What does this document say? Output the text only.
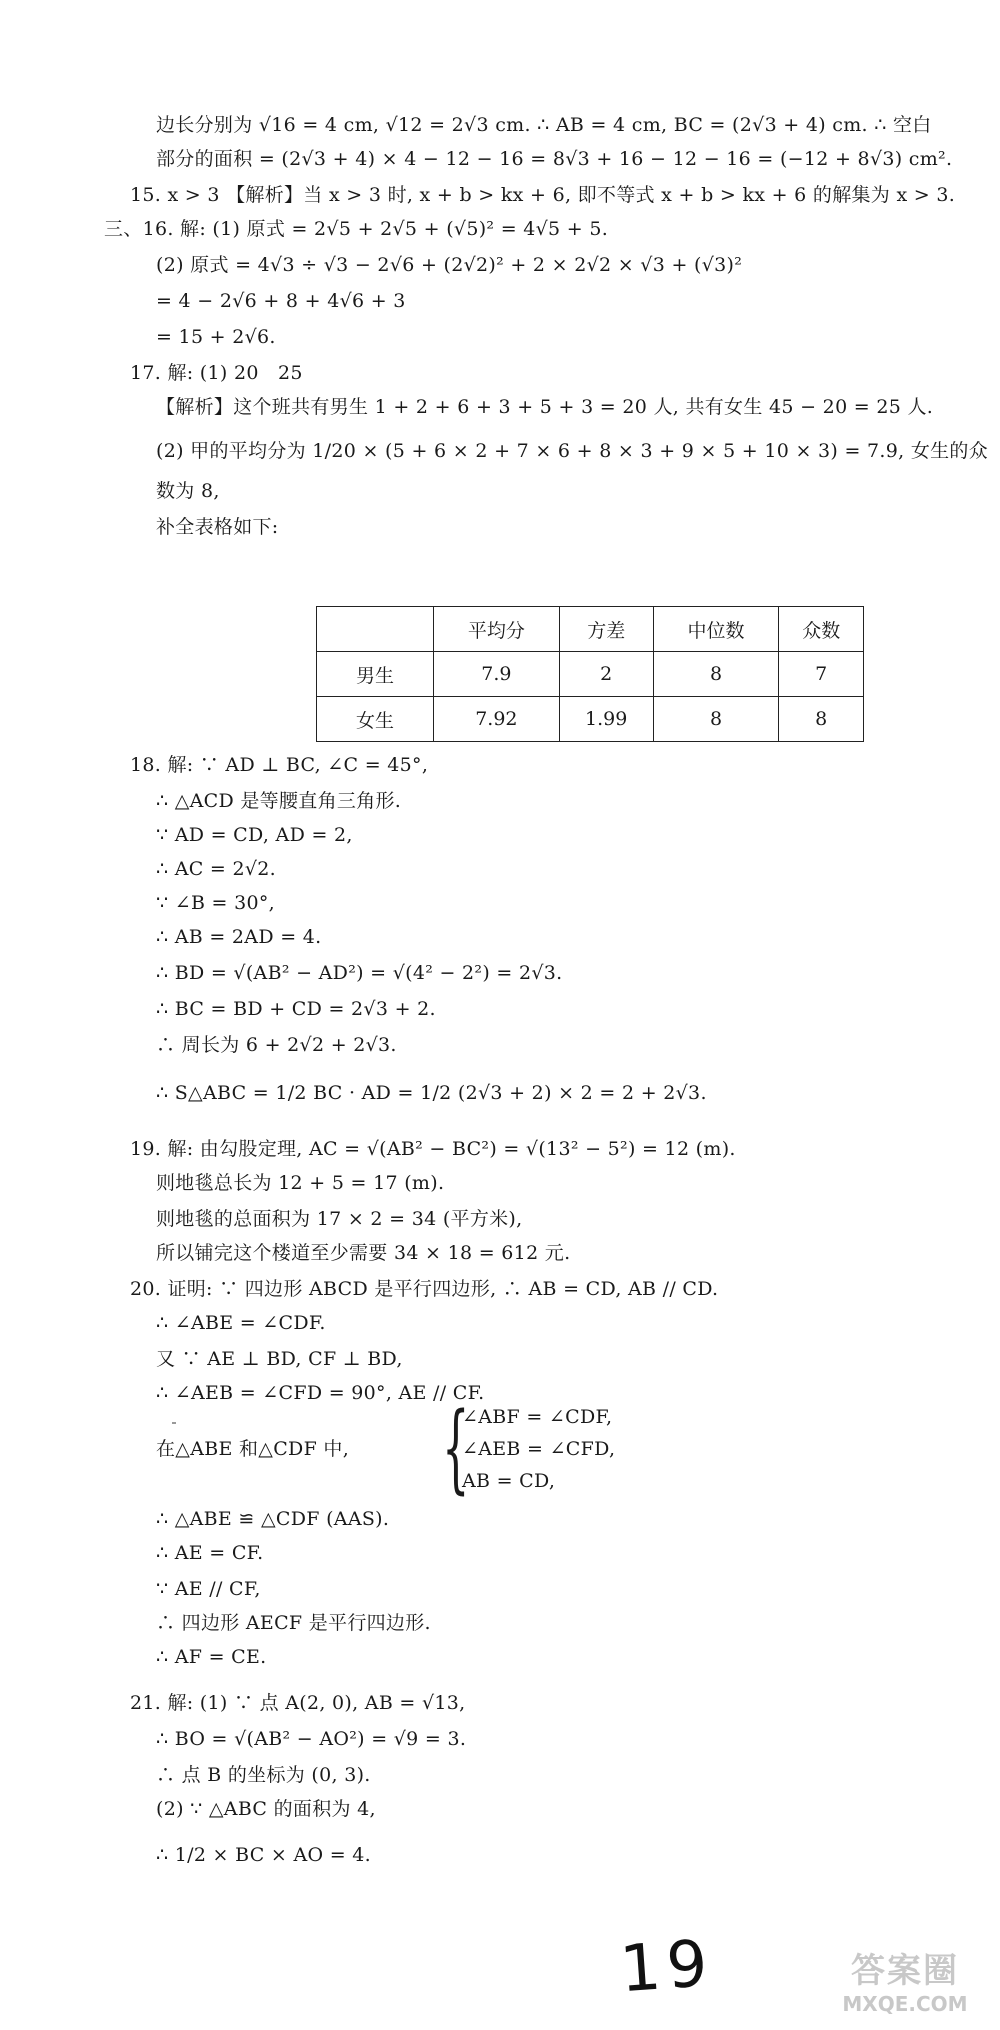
边长分别为 √16 = 4 cm, √12 = 2√3 cm. ∴ AB = 4 cm, BC = (2√3 + 4) cm. ∴ 空白
部分的面积 = (2√3 + 4) × 4 − 12 − 16 = 8√3 + 16 − 12 − 16 = (−12 + 8√3) cm².
15. x > 3 【解析】当 x > 3 时, x + b > kx + 6, 即不等式 x + b > kx + 6 的解集为 x > 3.
三、16. 解: (1) 原式 = 2√5 + 2√5 + (√5)² = 4√5 + 5.
(2) 原式 = 4√3 ÷ √3 − 2√6 + (2√2)² + 2 × 2√2 × √3 + (√3)²
= 4 − 2√6 + 8 + 4√6 + 3
= 15 + 2√6.
17. 解: (1) 20　25
【解析】这个班共有男生 1 + 2 + 6 + 3 + 5 + 3 = 20 人, 共有女生 45 − 20 = 25 人.
(2) 甲的平均分为 1/20 × (5 + 6 × 2 + 7 × 6 + 8 × 3 + 9 × 5 + 10 × 3) = 7.9, 女生的众
数为 8,
补全表格如下:
	平均分	方差	中位数	众数
男生	7.9	2	8	7
女生	7.92	1.99	8	8
18. 解: ∵ AD ⊥ BC, ∠C = 45°,
∴ △ACD 是等腰直角三角形.
∵ AD = CD, AD = 2,
∴ AC = 2√2.
∵ ∠B = 30°,
∴ AB = 2AD = 4.
∴ BD = √(AB² − AD²) = √(4² − 2²) = 2√3.
∴ BC = BD + CD = 2√3 + 2.
∴ 周长为 6 + 2√2 + 2√3.
∴ S△ABC = 1/2 BC · AD = 1/2 (2√3 + 2) × 2 = 2 + 2√3.
19. 解: 由勾股定理, AC = √(AB² − BC²) = √(13² − 5²) = 12 (m).
则地毯总长为 12 + 5 = 17 (m).
则地毯的总面积为 17 × 2 = 34 (平方米),
所以铺完这个楼道至少需要 34 × 18 = 612 元.
20. 证明: ∵ 四边形 ABCD 是平行四边形, ∴ AB = CD, AB // CD.
∴ ∠ABE = ∠CDF.
又 ∵ AE ⊥ BD, CF ⊥ BD,
∴ ∠AEB = ∠CFD = 90°, AE // CF.
在△ABE 和△CDF 中, {
∠ABF = ∠CDF,
∠AEB = ∠CFD,
AB = CD,
∴ △ABE ≌ △CDF (AAS).
∴ AE = CF.
∵ AE // CF,
∴ 四边形 AECF 是平行四边形.
∴ AF = CE.
21. 解: (1) ∵ 点 A(2, 0), AB = √13,
∴ BO = √(AB² − AO²) = √9 = 3.
∴ 点 B 的坐标为 (0, 3).
(2) ∵ △ABC 的面积为 4,
∴ 1/2 × BC × AO = 4.
19	答案圈
MXQE.COM
